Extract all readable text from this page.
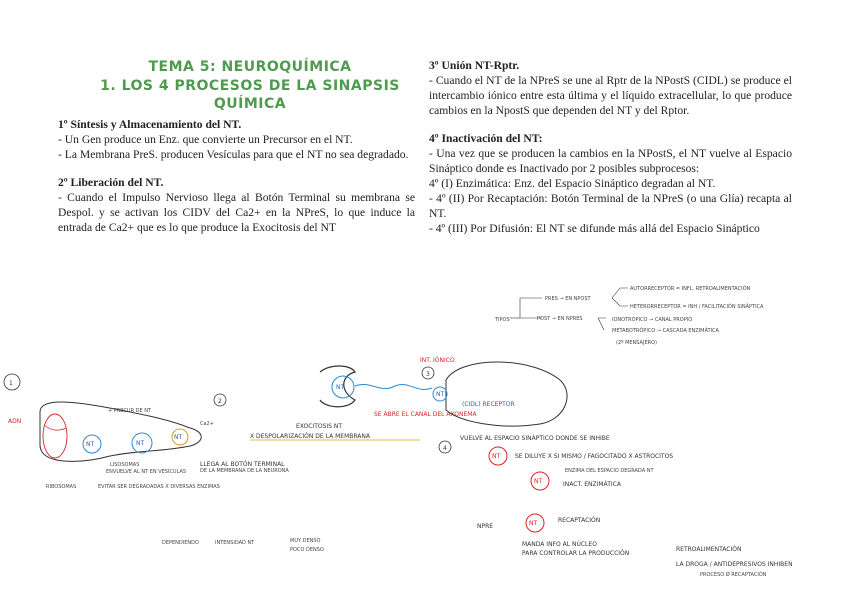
TEMA 5: NEUROQUÍMICA
1. LOS 4 PROCESOS DE LA SINAPSIS
QUÍMICA
1º Síntesis y Almacenamiento del NT.

- Un Gen produce un Enz. que convierte un Precursor en el NT.

- La Membrana PreS. producen Vesículas para que el NT no sea degradado.

2º Liberación del NT.

- Cuando el Impulso Nervioso llega al Botón Terminal su membrana se Despol. y se activan los CIDV del Ca2+ en la NPreS, lo que induce la entrada de Ca2+ que es lo que produce la Exocitosis del NT

3º Unión NT-Rptr.

- Cuando el NT de la NPreS se une al Rptr de la NPostS (CIDL) se produce el intercambio iónico entre esta última y el líquido extracellular, lo que produce cambios en la NpostS que dependen del NT y del Rptor.

4º Inactivación del NT:

- Una vez que se producen la cambios en la NPostS, el NT vuelve al Espacio Sináptico donde es Inactivado por 2 posibles subprocesos:

4º (I) Enzimática: Enz. del Espacio Sináptico degradan al NT.

- 4º (II) Por Recaptación: Botón Terminal de la NPreS (o una Glía) recapta al NT.

- 4º (III) Por Difusión: El NT se difunde más allá del Espacio Sináptico

1
ADN
NT	NT
NT
+ PRECUR DE NT
LISOSOMAS
ENVUELVE AL NT EN VESÍCULAS
RIBOSOMAS	EVITAR SER DEGRADADAS X DIVERSAS ENZIMAS
2
Ca2+
LLEGA AL BOTÓN TERMINAL
DE LA MEMBRANA DE LA NEURONA
X DESPOLARIZACIÓN DE LA MEMBRANA
EXOCITOSIS NT
SE ABRE EL CANAL DEL AXONEMA
NT
3
INT. IÓNICO
NT
(CIDL) RECEPTOR
TIPOS
PRES → EN NPOST
POST → EN NPRES
AUTORRECEPTOR = INFL. RETROALIMENTACIÓN
HETERORRECEPTOR = INH / FACILITACIÓN SINÁPTICA
IONOTRÓPICO → CANAL PROPIO
METABOTRÓPICO → CASCADA ENZIMÁTICA
(2º MENSAJERO)
4
VUELVE AL ESPACIO SINÁPTICO DONDE SE INHIBE
NT SE DILUYE X SI MISMO / FAGOCITADO X ASTROCITOS
NT
ENZIMA DEL ESPACIO DEGRADA NT
INACT. ENZIMÁTICA
NPRE	NT	RECAPTACIÓN
MANDA INFO AL NÚCLEO
PARA CONTROLAR LA PRODUCCIÓN
RETROALIMENTACIÓN
LA DROGA / ANTIDEPRESIVOS INHIBEN
PROCESO Ø RECAPTACIÓN
DEPENDIENDO	INTENSIDAD NT	MUY DENSO
POCO DENSO
